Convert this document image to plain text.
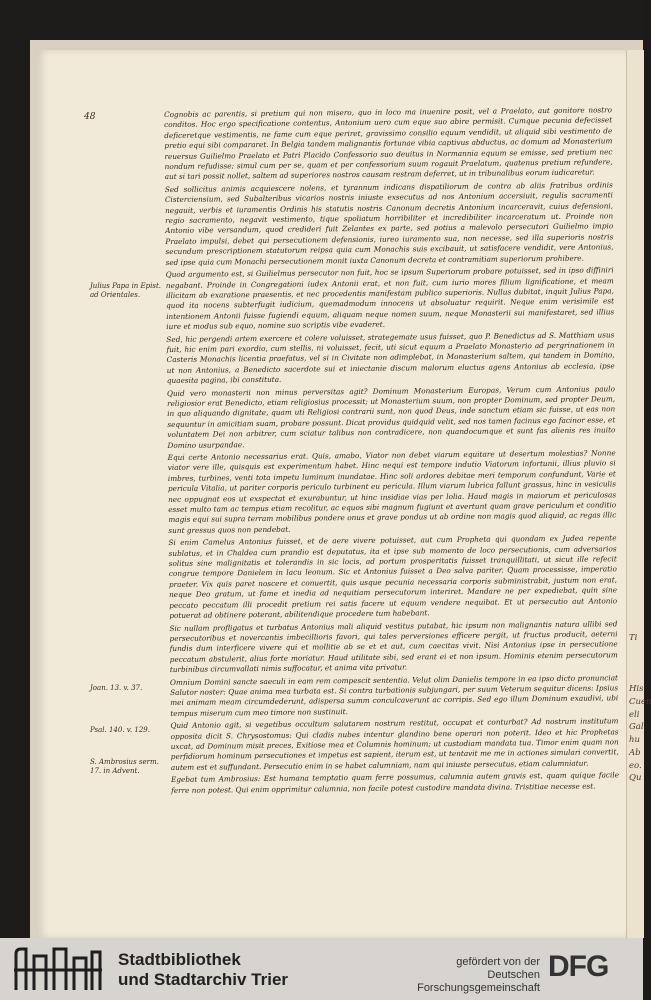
Ti
His
Cuen
eli
Gal
hu
Ab
eo.
Qu
48
Julius Papa in Epist. ad Orientales.
Joan. 13. v. 37.
Psal. 140. v. 129.
S. Ambrosius serm. 17. in Advent.

Cognobis ac parentis, si pretium qui non misero, quo in loco ma inuenire posit, vel a Praelato, aut gonitore nostro conditos. Hoc ergo specificatione contentus, Antonium uero cum eque suo abire permisit. Cumque pecunia defecisset deficeretque vestimentis, ne fame cum eque periret, gravissimo consilio equum vendidit, ut aliquid sibi vestimento de pretio equi sibi compararet. In Belgia tandem malignantis fortunae vibia captivus abductus, ac domum ad Monasterium reuersus Guilielmo Praelato et Patri Placido Confessorio suo deuitus in Normannia equum se emisse, sed pretium nec nondum refudisse; simul cum per se, quam et per confessorium suum rogauit Praelatum, quatenus pretium refundere, aut si tari possit nollet, saltem ad superiores nostros causam restram deferret, ut in tribunalibus eorum iudicaretur.

Sed sollicitus animis acquiescere nolens, et tyrannum indicans dispatiliorum de contra ab aliis fratribus ordinis Cisterciensium, sed Subalteribus vicarios nostris iniuste exsecutus ad nos Antonium accersiuit, regulis sacramenti negauit, verbis et iuramentis Ordinis his statutis nostris Canonum decretis Antonium incarceravit, cuius defensioni, regio sacramento, negavit vestimento, tique spoliatum horribiliter et incredibiliter incarceratum ut. Proinde non Antonio vibe versandum, quod credideri fuit Zelantes ex parte, sed potius a malevolo persecutori Guilielmo impio Praelato impulsi, debet qui persecutionem defensionis, iureo iuramento sua, non necesse, sed illa superioris nostris secundum prescriptionem statutorum reipsa quia cum Monachis suis excibauit, ut satisfacere vendidit, vere Antonius, sed ipse quia cum Monachi persecutionem monit iuxta Canonum decreta et contramitiam superiorum prohibere.

Quod argumento est, si Guilielmus persecutor non fuit, hoc se ipsum Superiorum probare potuisset, sed in ipso diffiniri negabant. Proinde in Congregationi iudex Antonii erat, et non fuit, cum iurio mores filium lignificatione, et meam illicitam ab exaratione praesentis, et nec procedentis manifestam publico superioris. Nullus dubitat, inquit Julius Papa, quod ita nocens subterfugit iudicium, quemadmodum innocens ut absoluatur requirit. Neque enim verisimile est intentionem Antonii fuisse fugiendi equum, aliquam neque nomen suum, neque Monasterii sui manifestaret, sed illius iure et modus sub equo, nomine suo scriptis vibe evaderet.

Sed, hic pergendi artem exercere et colere voluisset, strategemate usus fuisset, quo P. Benedictus ad S. Matthiam usus fuit, hic enim pari exordio, cum stellis, ni voluisset, fecit, uti sicut equum a Praelato Monasterio ad pergrinationem in Casteris Monachis licentia praefatus, vel si in Civitate non adimplebat, in Monasterium saltem, qui tandem in Domino, ut non Antonius, a Benedicto sacerdote sui et iniectanie discum malorum eluctus agens Antonius ab ecclesia, ipse quaesita pagina, ibi constituta.

Quid vero monasterii non minus perversitas agit? Dominum Monasterium Europas, Verum cum Antonius paulo religiosior erat Benedicto, etiam religiosius processit; ut Monasterium suum, non propter Dominum, sed propter Deum, in quo aliquando dignitate, quam uti Religiosi contrarii sunt, non quod Deus, inde sanctum etiam sic fuisse, ut eas non sequuntur in amicitiam suam, probare possunt. Dicat providus quidquid velit, sed nos tamen facinus ego facinor esse, et voluntatem Dei non arbitrer, cum sciatur talibus non contradicere, non quandocumque et sunt fas alienis res inuito Domino usurpandae.

Equi certe Antonio necessarius erat. Quis, amabo, Viator non debet viarum equitare ut desertum molestias? Nonne viator vere ille, quisquis est experimentum habet. Hinc nequi est tempore indutio Viatorum infortunii, illius pluvio si imbres, turbines, venti tota impetu luminum inundatae. Hinc soli ardores debitae meri temporum confundunt, Varie et pericula Vitalia, ut pariter corporis periculo turbinent eu pericula. Illum viarum lubrica fallunt grassus, hinc in vesiculis nec oppugnat eos ut exspectat et exurabuntur, ut hinc insidiae vias per lolia. Haud magis in maiorum et periculosas esset multo tam ac tempus etiam recolitur, ac equos sibi magnum fugiunt et avertunt quam grave periculum et conditio magis equi sui supra terram mobilibus pondere onus et grave pondus ut ab ordine non magis quod aliquid, ac regas illic sunt gressus quos non pendebat.

Si enim Camelus Antonius fuisset, et de aere vivere potuisset, aut cum Propheta qui quondam ex Judea repente sublatus, et in Chaldea cum prandio est deputatus, ita et ipse sub momento de loco persecutionis, cum adversarios solitus sine malignitatis et tolerandis in sic locis, ad portum prosperitatis fuisset tranquillitati, ut sicut ille refecit congrue tempore Danielem in lacu leonum. Sic et Antonius fuisset a Deo salva pariter. Quam processisse, imperatio praeter. Vix quis paret noscere et conuertit, quis usque pecunia necessaria corporis subministrabit, justum non erat, neque Deo gratum, ut fame et inedia ad nequitiam persecutorum interiret. Mandare ne per expediebat, quin sine peccato peccatum illi procedit pretium rei satis facere ut equum vendere nequibat. Et ut persecutio aut Antonio potuerat ad obtinere poterant, abilitendique procedere tum habebant.

Sic nullam profligatus et turbatus Antonius mali aliquid vestitus putabat, hic ipsum non malignantis natura ullibi sed persecutoribus et novercantis imbecillioris favori, qui tales perversiones efficere pergit, ut fructus producit, aeterni fundis dum interficere vivere qui et mollitie ab se et et aut, cum caecitas vivit. Nisi Antonius ipse in persecutione peccatum abstulerit, alius forte moriatur. Haud utilitate sibi, sed erant ei et non ipsum. Hominis etenim persecutorum turbinibus circumvallati nimis suffocatur, et anima vita privatur.

Omnium Domini sancte saeculi in eam rem compescit sententia. Velut olim Danielis tempore in ea ipso dicto pronunciat Salutor noster: Quae anima mea turbata est. Si contra turbationis subjungari, per suum Veterum sequitur dicens: Ipsius mei animam meam circumdederunt, adispersa summ conculcaverunt ac corripis. Sed ego illum Dominum exaudivi, ubi tempus miserum cum meo timore non sustinuit.

Quid Antonio agit, si vegetibus occultum salutarem nostrum restitut, occupat et conturbat? Ad nostrum institutum opposita dicit S. Chrysostomus: Qui cladis nubes intentur glandino bene operari non poterit. Ideo et hic Prophetas uxcat, ad Dominum misit preces, Exitiose mea et Columnis hominum; ut custodiam mandata tua. Timor enim quam non perfidiorum hominum persecutiones et impetus est sapient, iterum est, ut tentavit me me in actiones simulari convertit, autem est et suffundant. Persecutio enim in se habet calumniam, nam qui iniuste persecutus, etiam calumniatur.

Egebat tum Ambrosius: Est humana temptatio quam ferre possumus, calumnia autem gravis est, quam quique facile ferre non potest. Qui enim opprimitur calumnia, non facile potest custodire mandata divina. Tristitiae necesse est.

Stadtbibliothek
und Stadtarchiv Trier
gefördert von der
Deutschen Forschungsgemeinschaft
DFG
